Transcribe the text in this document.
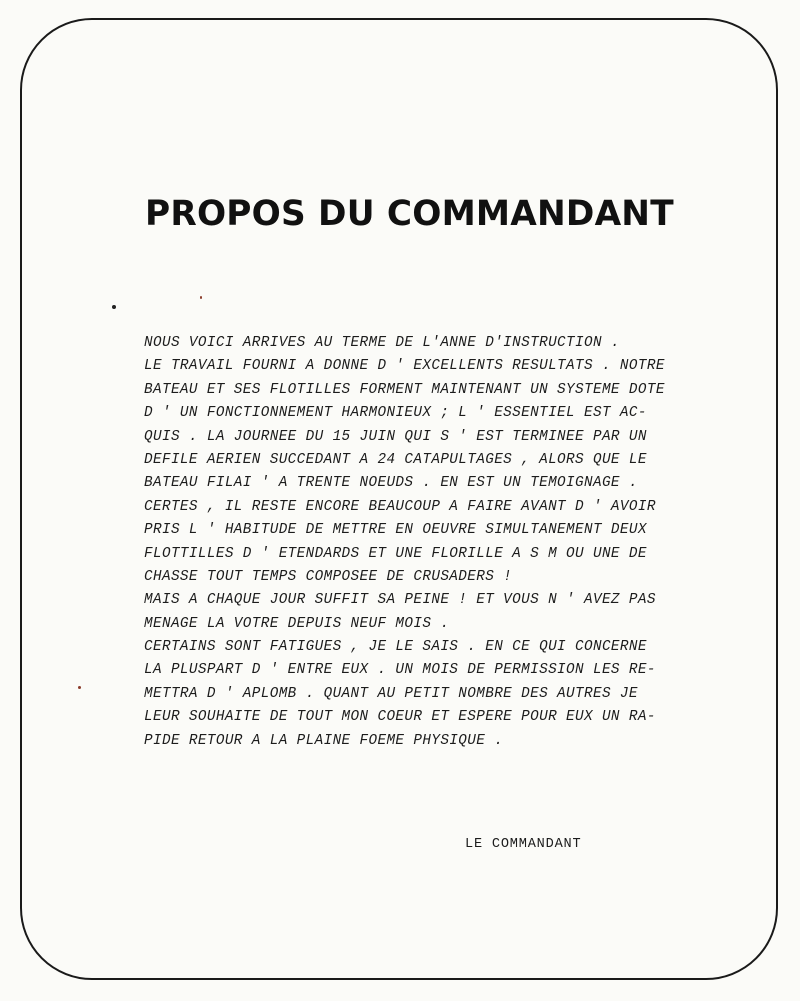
PROPOS DU COMMANDANT
NOUS VOICI ARRIVES AU TERME DE L'ANNE D'INSTRUCTION .
LE TRAVAIL FOURNI A DONNE D ' EXCELLENTS RESULTATS . NOTRE
BATEAU ET SES FLOTILLES FORMENT MAINTENANT UN SYSTEME DOTE
D ' UN FONCTIONNEMENT HARMONIEUX ; L ' ESSENTIEL EST AC-
QUIS . LA JOURNEE DU 15 JUIN QUI S ' EST TERMINEE PAR UN
DEFILE AERIEN SUCCEDANT A 24 CATAPULTAGES , ALORS QUE LE
BATEAU FILAI ' A TRENTE NOEUDS . EN EST UN TEMOIGNAGE .
CERTES , IL RESTE ENCORE BEAUCOUP A FAIRE AVANT D ' AVOIR
PRIS L ' HABITUDE DE METTRE EN OEUVRE SIMULTANEMENT DEUX
FLOTTILLES D ' ETENDARDS ET UNE FLORILLE A S M OU UNE DE
CHASSE TOUT TEMPS COMPOSEE DE CRUSADERS !
MAIS A CHAQUE JOUR SUFFIT SA PEINE ! ET VOUS N ' AVEZ PAS
MENAGE LA VOTRE DEPUIS NEUF MOIS .
CERTAINS SONT FATIGUES , JE LE SAIS . EN CE QUI CONCERNE
LA PLUSPART D ' ENTRE EUX . UN MOIS DE PERMISSION LES RE-
METTRA D ' APLOMB . QUANT AU PETIT NOMBRE DES AUTRES JE
LEUR SOUHAITE DE TOUT MON COEUR ET ESPERE POUR EUX UN RA-
PIDE RETOUR A LA PLAINE FOEME PHYSIQUE .

LE COMMANDANT
